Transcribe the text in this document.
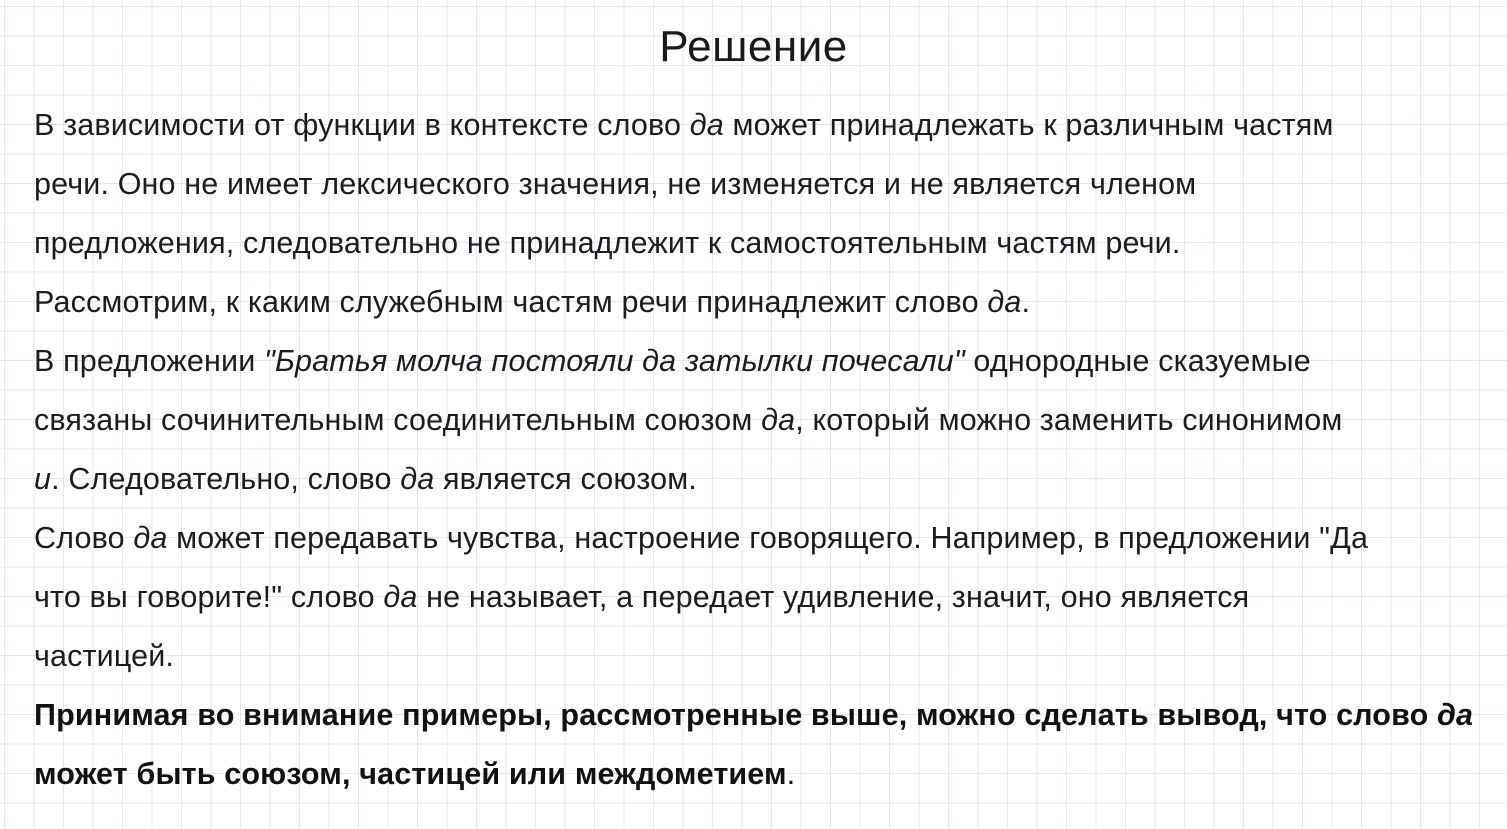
Решение
В зависимости от функции в контексте слово да может принадлежать к различным частям
речи. Оно не имеет лексического значения, не изменяется и не является членом
предложения, следовательно не принадлежит к самостоятельным частям речи.
Рассмотрим, к каким служебным частям речи принадлежит слово да.
В предложении "Братья молча постояли да затылки почесали" однородные сказуемые
связаны сочинительным соединительным союзом да, который можно заменить синонимом
и. Следовательно, слово да является союзом.
Слово да может передавать чувства, настроение говорящего. Например, в предложении "Да
что вы говорите!" слово да не называет, а передает удивление, значит, оно является
частицей.
Принимая во внимание примеры, рассмотренные выше, можно сделать вывод, что слово да
может быть союзом, частицей или междометием.
